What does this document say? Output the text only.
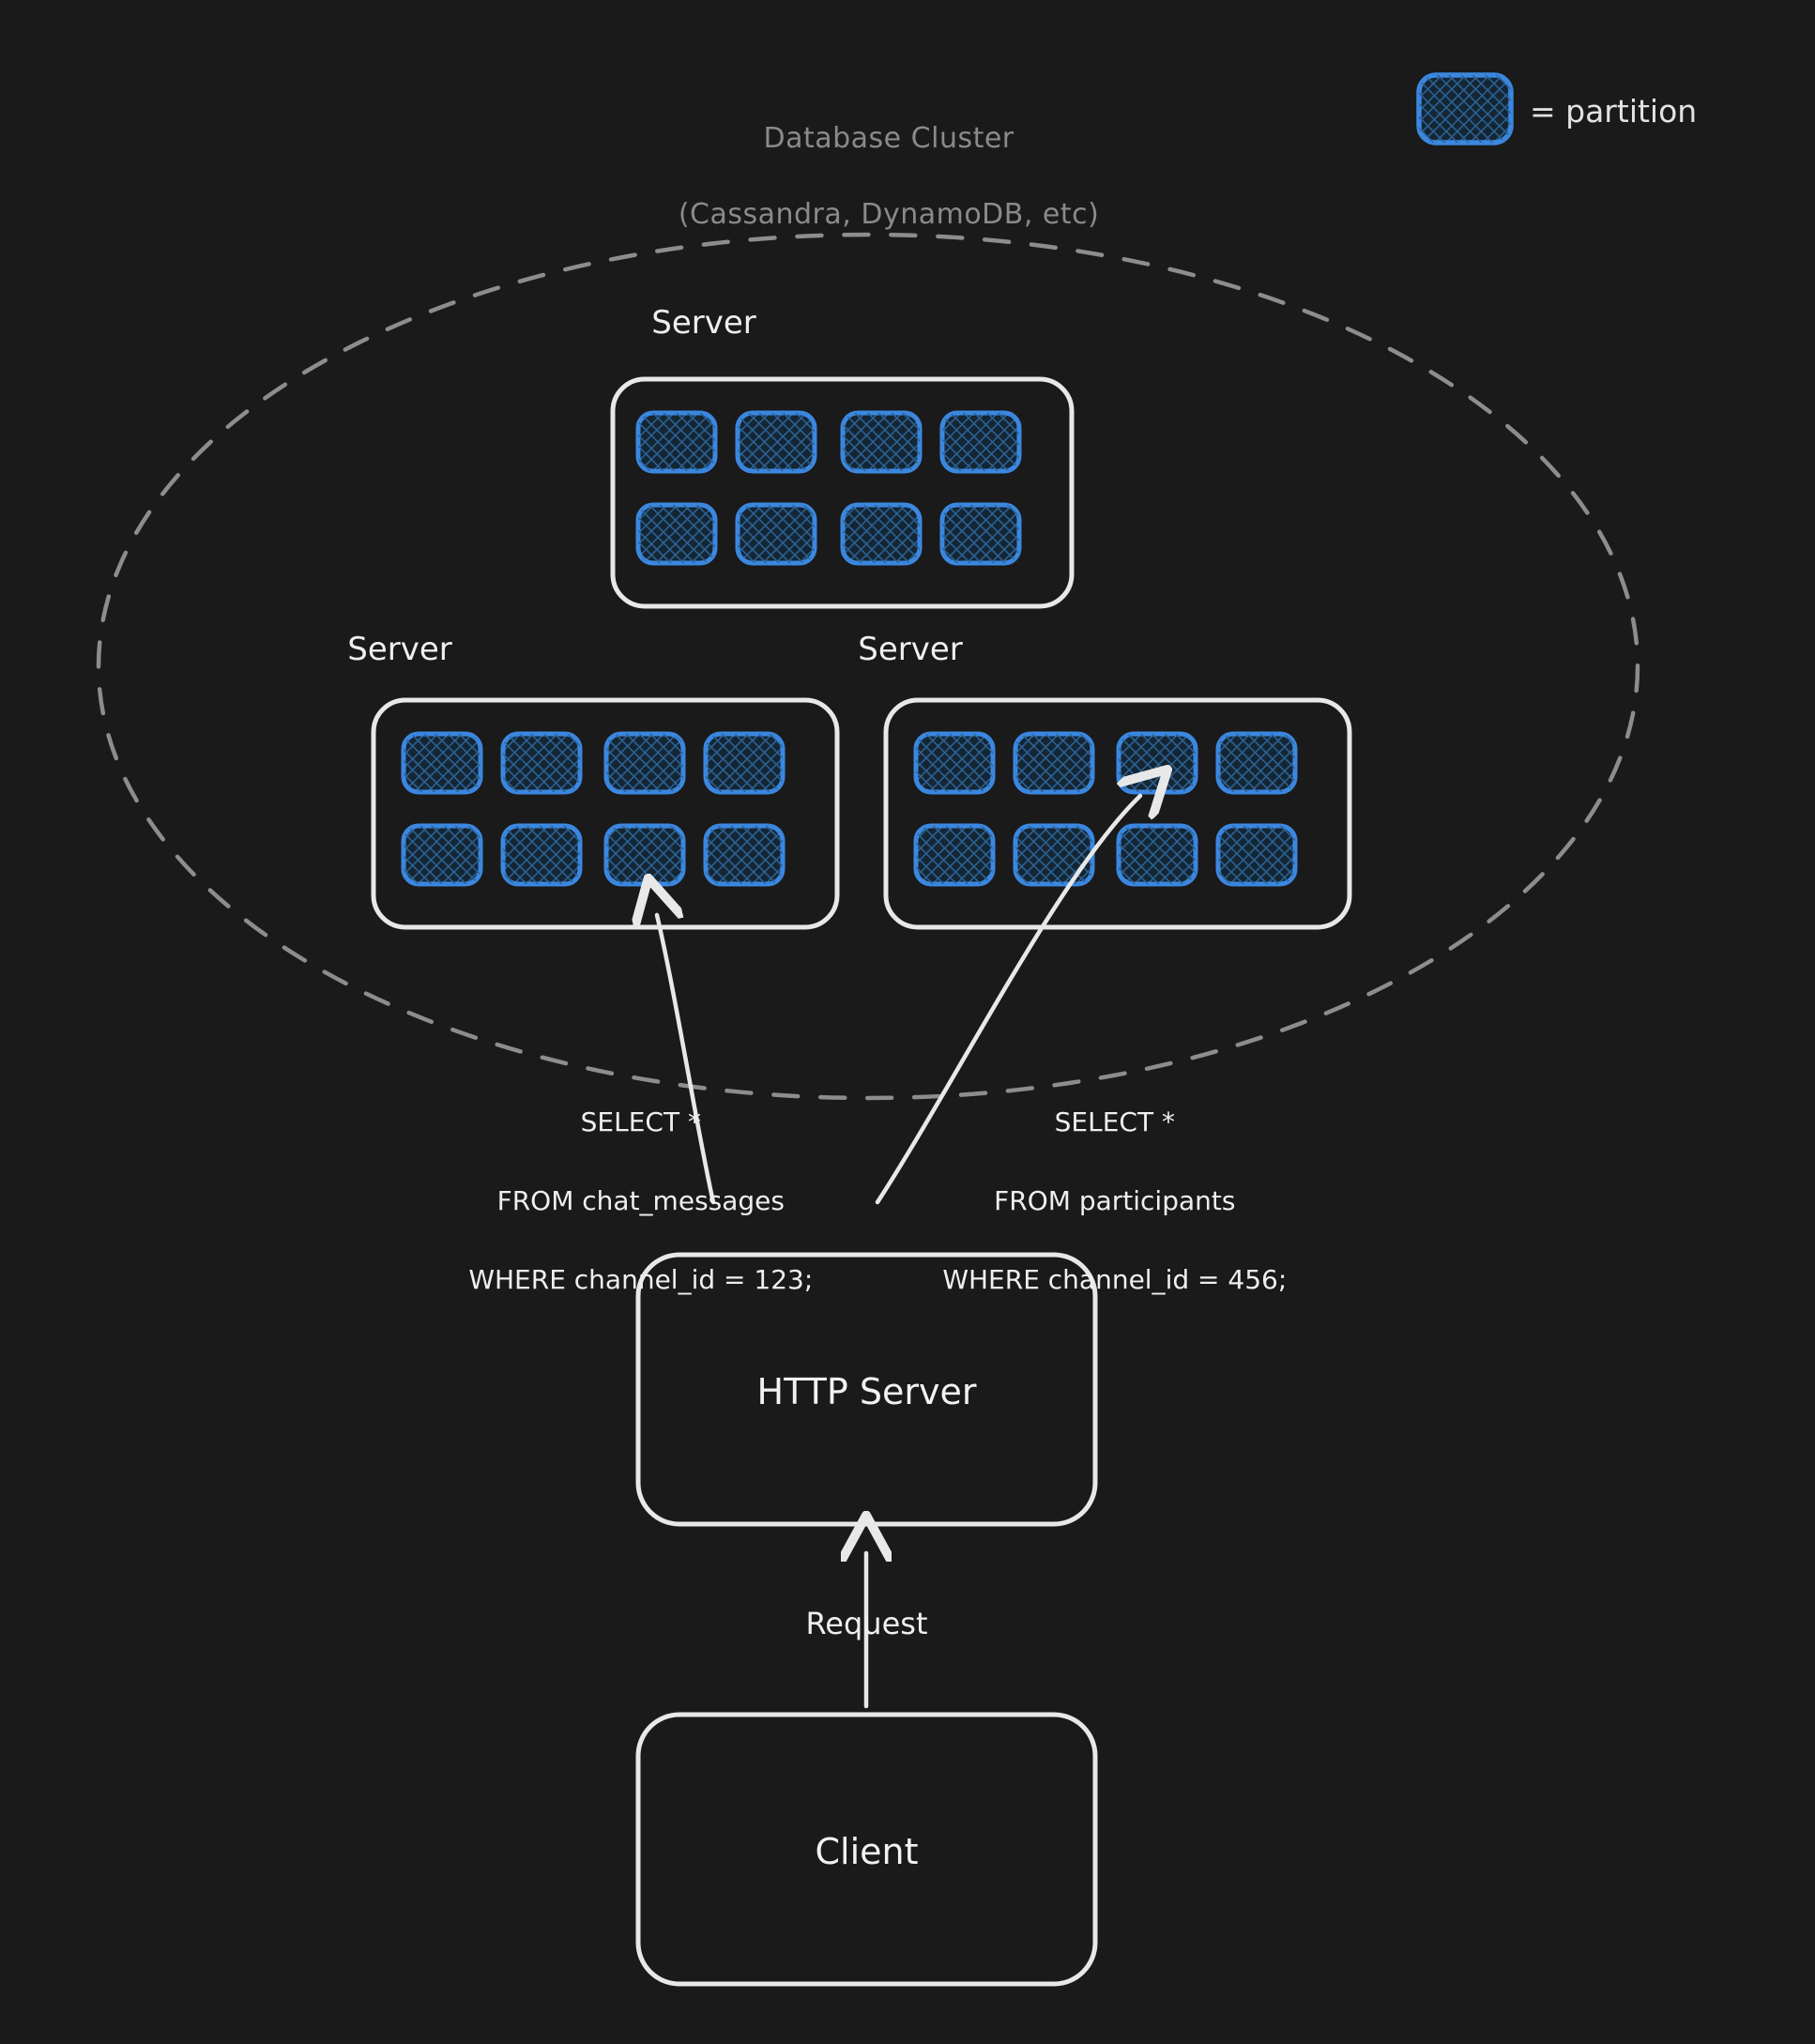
Database Cluster

(Cassandra, DynamoDB, etc)

= partition
Server
Server	Server

SELECT *

FROM chat_messages

WHERE channel_id = 123;

SELECT *

FROM participants

WHERE channel_id = 456;

HTTP Server
Request
Client
